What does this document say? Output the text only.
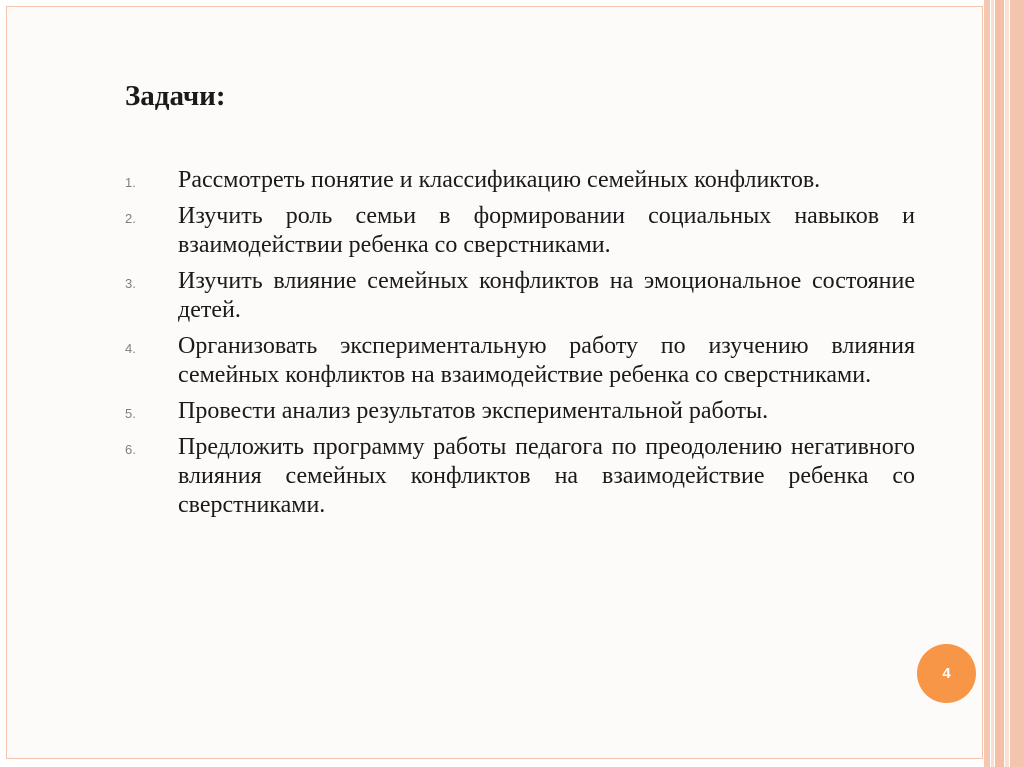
Задачи:
1.	Рассмотреть понятие и классификацию семейных конфликтов.
2.	Изучить роль семьи в формировании социальных навыков и взаимодействии ребенка со сверстниками.
3.	Изучить влияние семейных конфликтов на эмоциональное состояние детей.
4.	Организовать экспериментальную работу по изучению влияния семейных конфликтов на взаимодействие ребенка со сверстниками.
5.	Провести анализ результатов экспериментальной работы.
6.	Предложить программу работы педагога по преодолению негативного влияния семейных конфликтов на взаимодействие ребенка со сверстниками.
4
